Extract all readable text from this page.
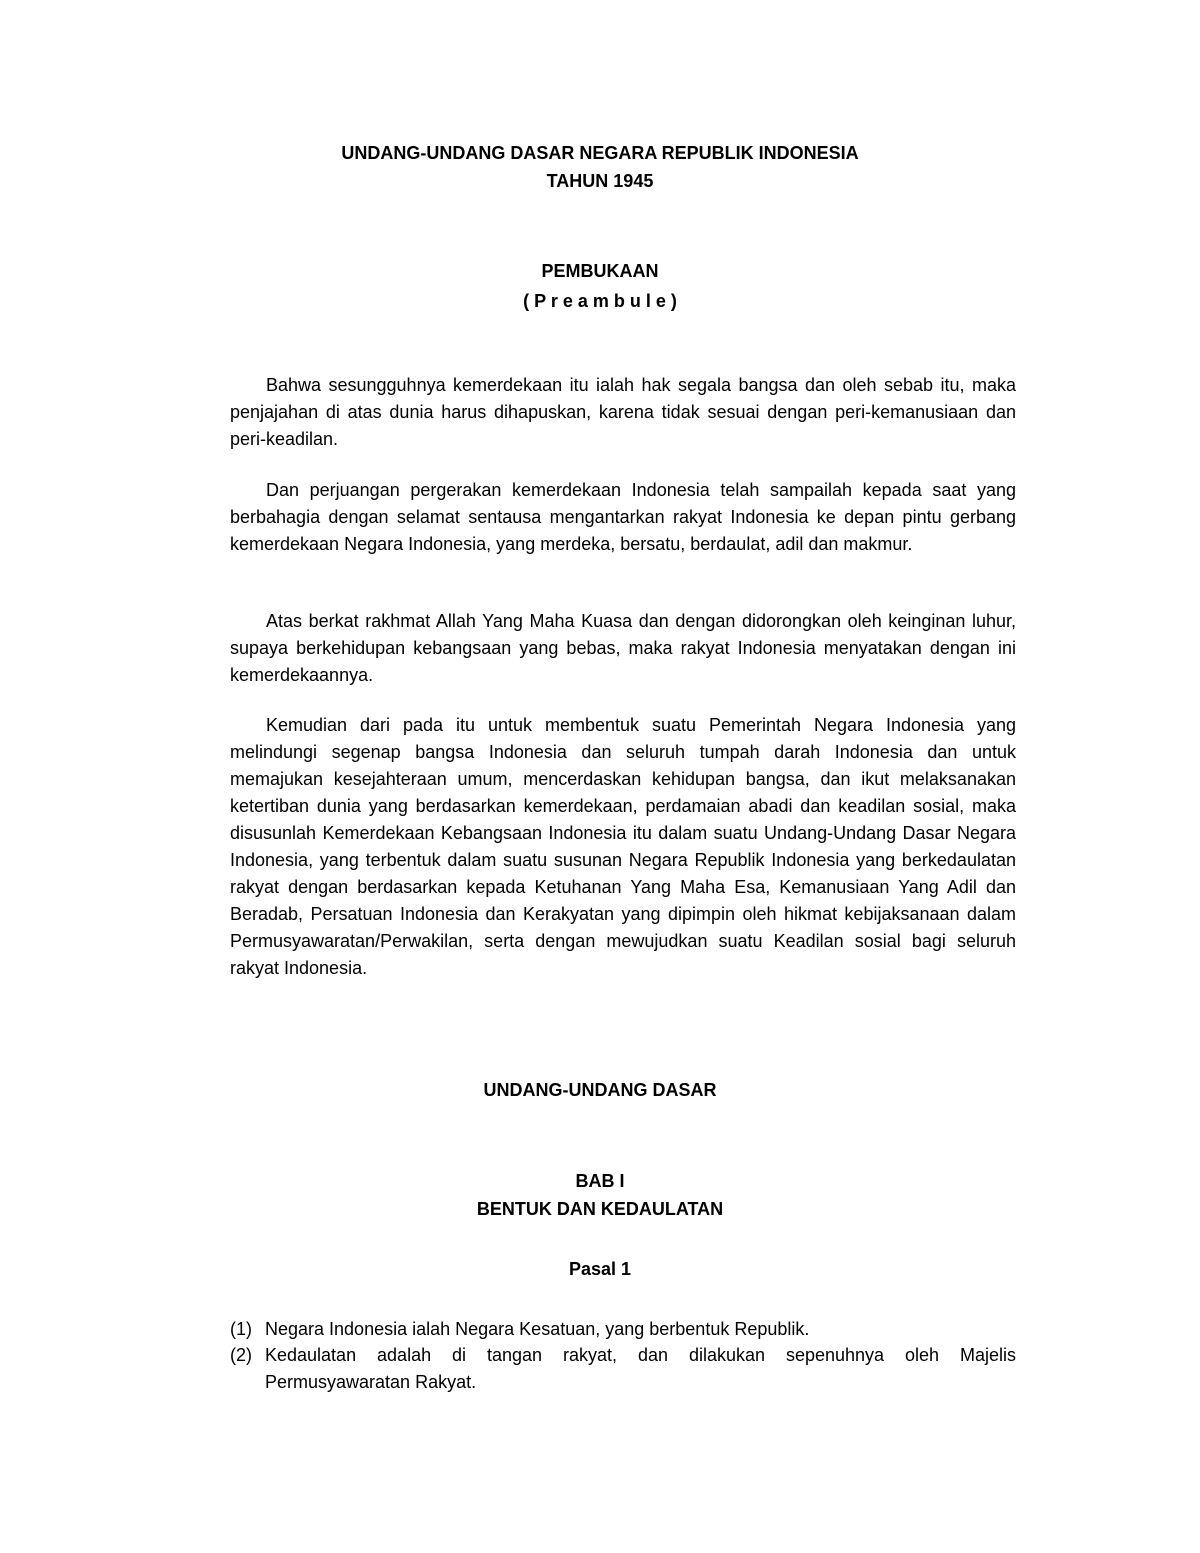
UNDANG-UNDANG DASAR NEGARA REPUBLIK INDONESIA
TAHUN 1945
PEMBUKAAN
( P r e a m b u l e )

Bahwa sesungguhnya kemerdekaan itu ialah hak segala bangsa dan oleh sebab itu, maka penjajahan di atas dunia harus dihapuskan, karena tidak sesuai dengan peri-kemanusiaan dan peri-keadilan.

Dan perjuangan pergerakan kemerdekaan Indonesia telah sampailah kepada saat yang berbahagia dengan selamat sentausa mengantarkan rakyat Indonesia ke depan pintu gerbang kemerdekaan Negara Indonesia, yang merdeka, bersatu, berdaulat, adil dan makmur.

Atas berkat rakhmat Allah Yang Maha Kuasa dan dengan didorongkan oleh keinginan luhur, supaya berkehidupan kebangsaan yang bebas, maka rakyat Indonesia menyatakan dengan ini kemerdekaannya.

Kemudian dari pada itu untuk membentuk suatu Pemerintah Negara Indonesia yang melindungi segenap bangsa Indonesia dan seluruh tumpah darah Indonesia dan untuk memajukan kesejahteraan umum, mencerdaskan kehidupan bangsa, dan ikut melaksanakan ketertiban dunia yang berdasarkan kemerdekaan, perdamaian abadi dan keadilan sosial, maka disusunlah Kemerdekaan Kebangsaan Indonesia itu dalam suatu Undang-Undang Dasar Negara Indonesia, yang terbentuk dalam suatu susunan Negara Republik Indonesia yang berkedaulatan rakyat dengan berdasarkan kepada Ketuhanan Yang Maha Esa, Kemanusiaan Yang Adil dan Beradab, Persatuan Indonesia dan Kerakyatan yang dipimpin oleh hikmat kebijaksanaan dalam Permusyawaratan/Perwakilan, serta dengan mewujudkan suatu Keadilan sosial bagi seluruh rakyat Indonesia.

UNDANG-UNDANG DASAR
BAB I
BENTUK DAN KEDAULATAN
Pasal 1
(1) Negara Indonesia ialah Negara Kesatuan, yang berbentuk Republik.

(2) Kedaulatan adalah di tangan rakyat, dan dilakukan sepenuhnya oleh Majelis Permusyawaratan Rakyat.
